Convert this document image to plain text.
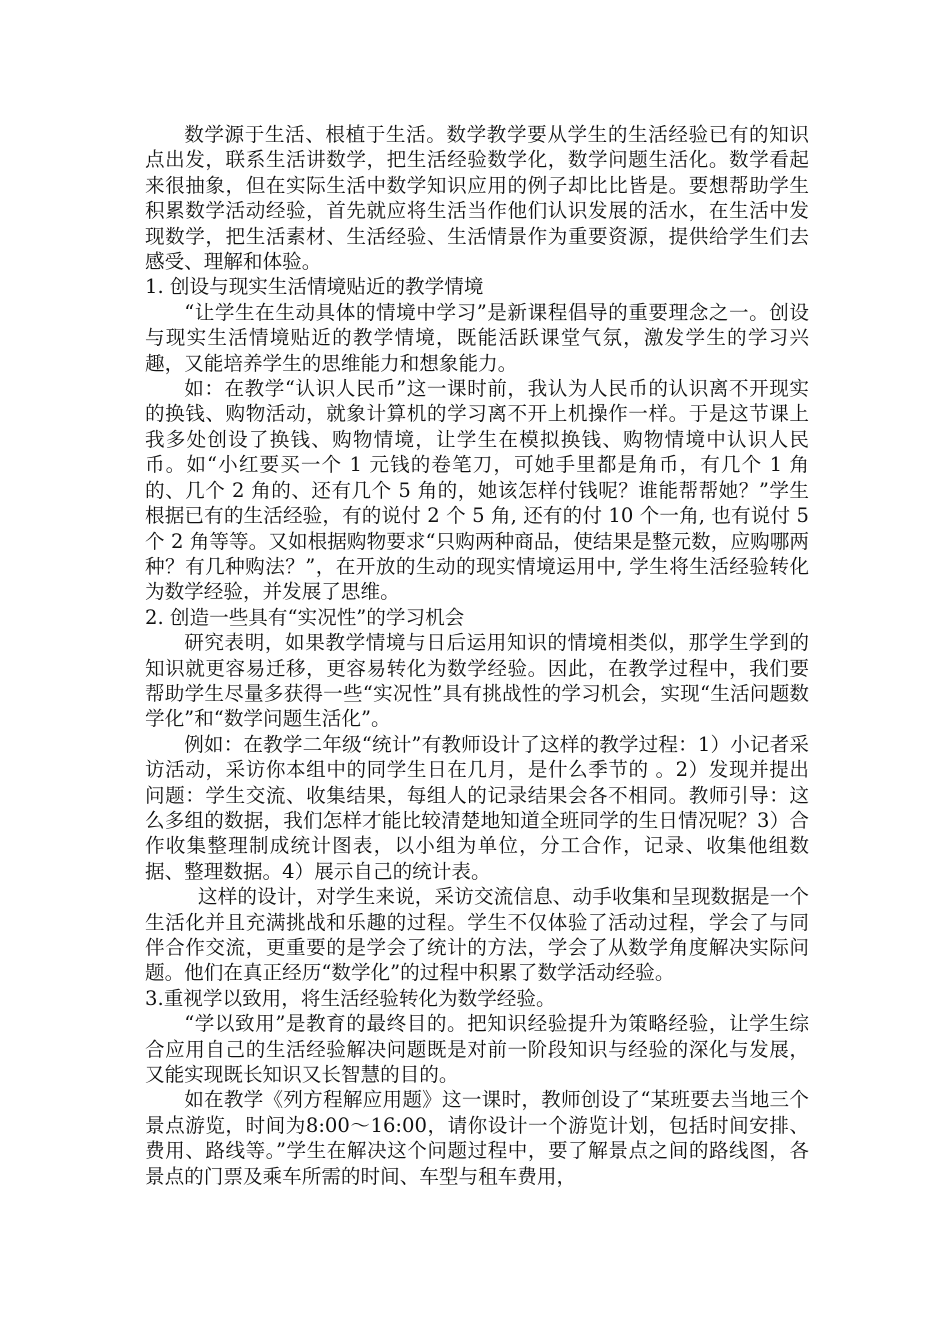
数学源于生活、根植于生活。数学教学要从学生的生活经验已有的知识点出发，联系生活讲数学，把生活经验数学化，数学问题生活化。数学看起来很抽象，但在实际生活中数学知识应用的例子却比比皆是。要想帮助学生积累数学活动经验，首先就应将生活当作他们认识发展的活水，在生活中发现数学，把生活素材、生活经验、生活情景作为重要资源，提供给学生们去感受、理解和体验。

1. 创设与现实生活情境贴近的教学情境

“让学生在生动具体的情境中学习”是新课程倡导的重要理念之一。创设与现实生活情境贴近的教学情境，既能活跃课堂气氛，激发学生的学习兴趣，又能培养学生的思维能力和想象能力。

如：在教学“认识人民币”这一课时前，我认为人民币的认识离不开现实的换钱、购物活动，就象计算机的学习离不开上机操作一样。于是这节课上我多处创设了换钱、购物情境，让学生在模拟换钱、购物情境中认识人民币。如“小红要买一个 1 元钱的卷笔刀，可她手里都是角币，有几个 1 角的、几个 2 角的、还有几个 5 角的，她该怎样付钱呢？谁能帮帮她？”学生根据已有的生活经验，有的说付 2 个 5 角, 还有的付 10 个一角, 也有说付 5 个 2 角等等。又如根据购物要求“只购两种商品，使结果是整元数，应购哪两种？有几种购法？”，在开放的生动的现实情境运用中, 学生将生活经验转化为数学经验，并发展了思维。

2. 创造一些具有“实况性”的学习机会

研究表明，如果教学情境与日后运用知识的情境相类似，那学生学到的知识就更容易迁移，更容易转化为数学经验。因此，在教学过程中，我们要帮助学生尽量多获得一些“实况性”具有挑战性的学习机会，实现“生活问题数学化”和“数学问题生活化”。

例如：在教学二年级“统计”有教师设计了这样的教学过程：1）小记者采访活动，采访你本组中的同学生日在几月，是什么季节的 。2）发现并提出问题：学生交流、收集结果，每组人的记录结果会各不相同。教师引导：这么多组的数据，我们怎样才能比较清楚地知道全班同学的生日情况呢？3）合作收集整理制成统计图表，以小组为单位，分工合作，记录、收集他组数据、整理数据。4）展示自己的统计表。

这样的设计，对学生来说，采访交流信息、动手收集和呈现数据是一个生活化并且充满挑战和乐趣的过程。学生不仅体验了活动过程，学会了与同 伴合作交流，更重要的是学会了统计的方法，学会了从数学角度解决实际问题。他们在真正经历“数学化”的过程中积累了数学活动经验。

3.重视学以致用，将生活经验转化为数学经验。

“学以致用”是教育的最终目的。把知识经验提升为策略经验，让学生综合应用自己的生活经验解决问题既是对前一阶段知识与经验的深化与发展，又能实现既长知识又长智慧的目的。

如在教学《列方程解应用题》这一课时，教师创设了“某班要去当地三个景点游览，时间为8:00～16:00，请你设计一个游览计划，包括时间安排、费用、路线等。”学生在解决这个问题过程中，要了解景点之间的路线图，各景点的门票及乘车所需的时间、车型与租车费用，
